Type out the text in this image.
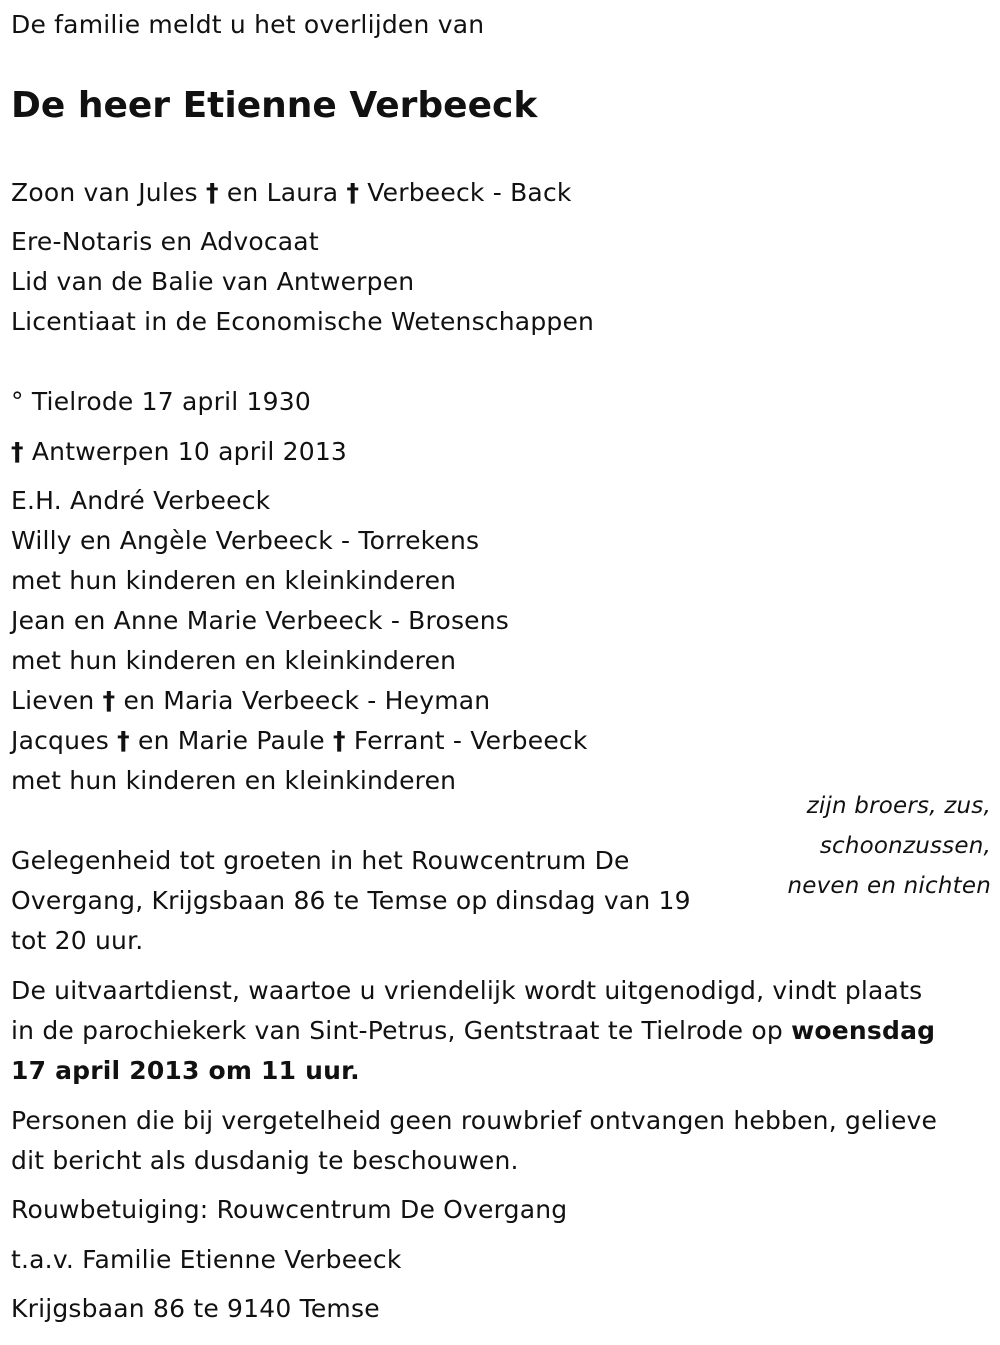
De familie meldt u het overlijden van
De heer Etienne Verbeeck
Zoon van Jules † en Laura † Verbeeck - Back
Ere-Notaris en Advocaat
Lid van de Balie van Antwerpen
Licentiaat in de Economische Wetenschappen
° Tielrode 17 april 1930
† Antwerpen 10 april 2013
E.H. André Verbeeck
Willy en Angèle Verbeeck - Torrekens
met hun kinderen en kleinkinderen
Jean en Anne Marie Verbeeck - Brosens
met hun kinderen en kleinkinderen
Lieven † en Maria Verbeeck - Heyman
Jacques † en Marie Paule † Ferrant - Verbeeck
met hun kinderen en kleinkinderen
zijn broers, zus,
schoonzussen,
neven en nichten
Gelegenheid tot groeten in het Rouwcentrum De
Overgang, Krijgsbaan 86 te Temse op dinsdag van 19
tot 20 uur.
De uitvaartdienst, waartoe u vriendelijk wordt uitgenodigd, vindt plaats
in de parochiekerk van Sint-Petrus, Gentstraat te Tielrode op woensdag
17 april 2013 om 11 uur.
Personen die bij vergetelheid geen rouwbrief ontvangen hebben, gelieve
dit bericht als dusdanig te beschouwen.
Rouwbetuiging: Rouwcentrum De Overgang
t.a.v. Familie Etienne Verbeeck
Krijgsbaan 86 te 9140 Temse
